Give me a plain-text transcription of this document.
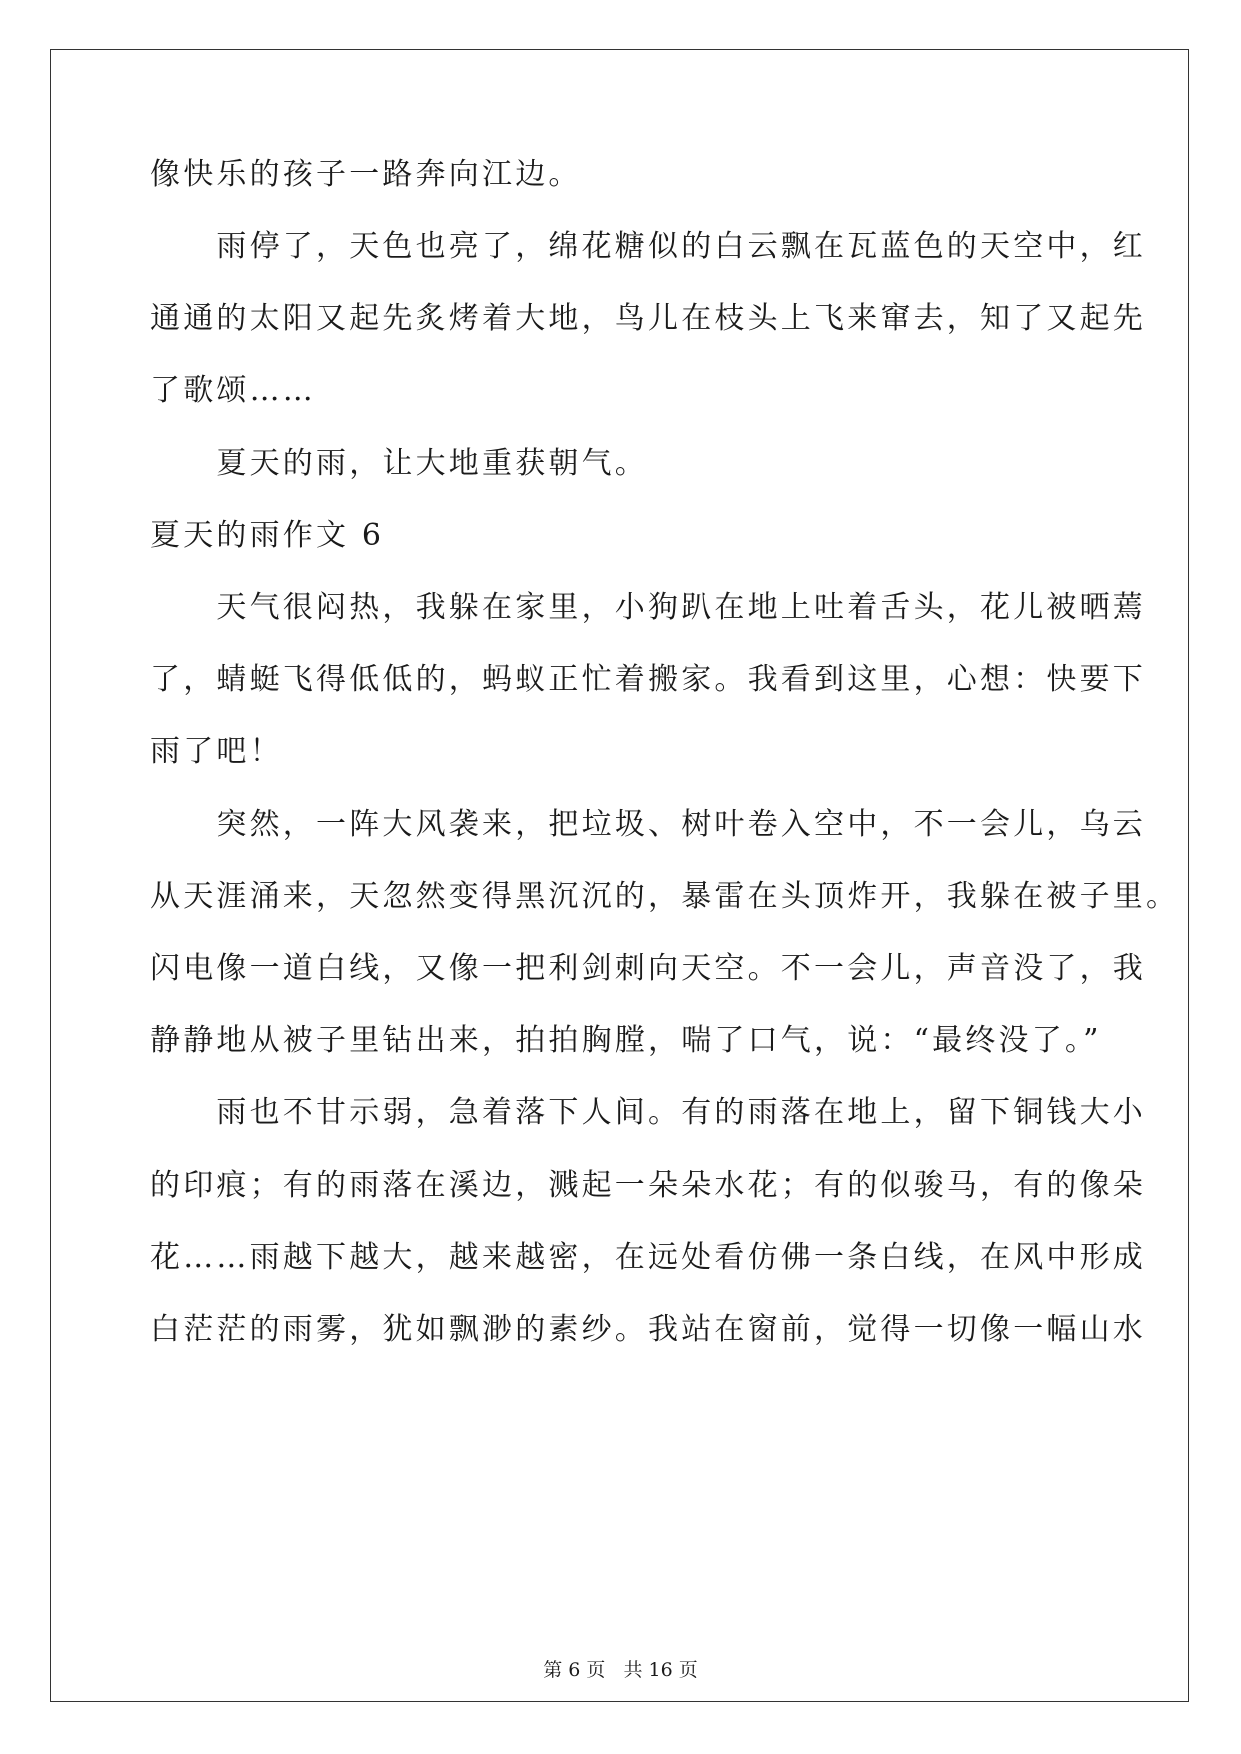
像快乐的孩子一路奔向江边。
　　雨停了，天色也亮了，绵花糖似的白云飘在瓦蓝色的天空中，红
通通的太阳又起先炙烤着大地，鸟儿在枝头上飞来窜去，知了又起先
了歌颂……
　　夏天的雨，让大地重获朝气。
夏天的雨作文 6
　　天气很闷热，我躲在家里，小狗趴在地上吐着舌头，花儿被晒蔫
了，蜻蜓飞得低低的，蚂蚁正忙着搬家。我看到这里，心想：快要下
雨了吧！
　　突然，一阵大风袭来，把垃圾、树叶卷入空中，不一会儿，乌云
从天涯涌来，天忽然变得黑沉沉的，暴雷在头顶炸开，我躲在被子里。
闪电像一道白线，又像一把利剑刺向天空。不一会儿，声音没了，我
静静地从被子里钻出来，拍拍胸膛，喘了口气，说：“最终没了。”
　　雨也不甘示弱，急着落下人间。有的雨落在地上，留下铜钱大小
的印痕；有的雨落在溪边，溅起一朵朵水花；有的似骏马，有的像朵
花……雨越下越大，越来越密，在远处看仿佛一条白线，在风中形成
白茫茫的雨雾，犹如飘渺的素纱。我站在窗前，觉得一切像一幅山水
第 6 页 共 16 页
